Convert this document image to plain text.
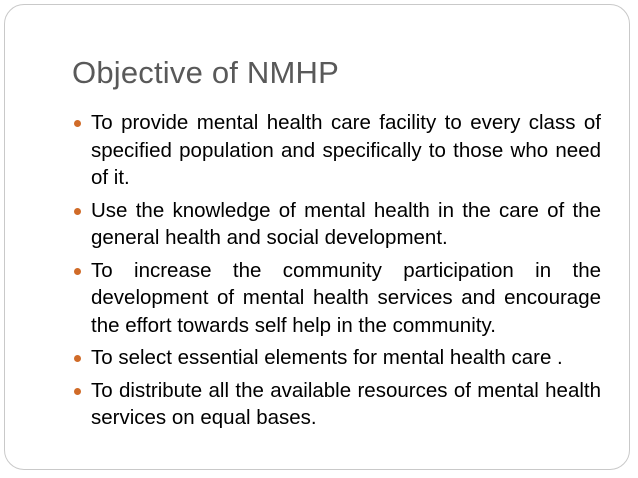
Objective of NMHP
To provide mental health care facility to every class of specified population and specifically to those who need of it.
Use the knowledge of mental health in the care of the general health and social development.
To increase the community participation in the development of mental health services and encourage the effort towards self help in the community.
To select essential elements for mental health care .
To distribute all the available resources of mental health services on equal bases.
